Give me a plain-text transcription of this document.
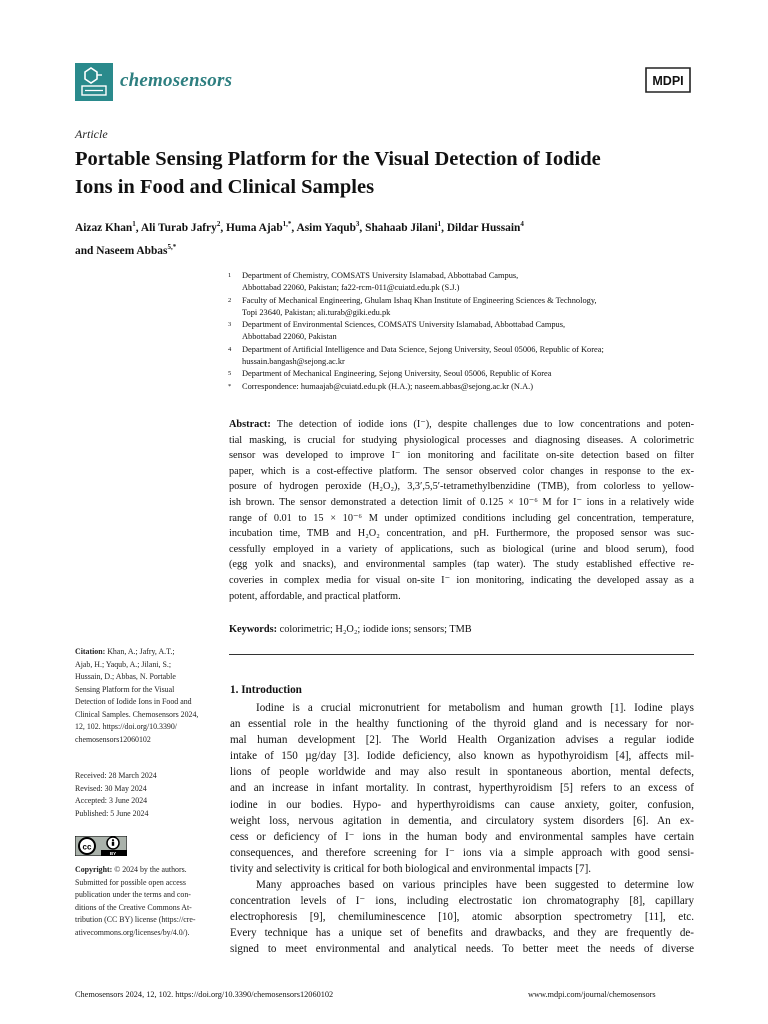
chemosensors	MDPI
Article
Portable Sensing Platform for the Visual Detection of Iodide
Ions in Food and Clinical Samples
Aizaz Khan$^1$, Ali Turab Jafry$^2$, Huma Ajab$^{1,*}$, Asim Yaqub$^3$, Shahaab Jilani$^1$, Dildar Hussain$^4$
and Naseem Abbas$^{5,*}$
1 Department of Chemistry, COMSATS University Islamabad, Abbottabad Campus,
Abbottabad 22060, Pakistan; fa22-rcm-011@cuiatd.edu.pk (S.J.)
2 Faculty of Mechanical Engineering, Ghulam Ishaq Khan Institute of Engineering Sciences & Technology,
Topi 23640, Pakistan; ali.turab@giki.edu.pk
3 Department of Environmental Sciences, COMSATS University Islamabad, Abbottabad Campus,
Abbottabad 22060, Pakistan
4 Department of Artificial Intelligence and Data Science, Sejong University, Seoul 05006, Republic of Korea;
hussain.bangash@sejong.ac.kr
5 Department of Mechanical Engineering, Sejong University, Seoul 05006, Republic of Korea
* Correspondence: humaajab@cuiatd.edu.pk (H.A.); naseem.abbas@sejong.ac.kr (N.A.)
Abstract: The detection of iodide ions (I⁻), despite challenges due to low concentrations and poten-
tial masking, is crucial for studying physiological processes and diagnosing diseases. A colorimetric
sensor was developed to improve I⁻ ion monitoring and facilitate on-site detection based on filter
paper, which is a cost-effective platform. The sensor observed color changes in response to the ex-
posure of hydrogen peroxide (H₂O₂), 3,3′,5,5′-tetramethylbenzidine (TMB), from colorless to yellow-
ish brown. The sensor demonstrated a detection limit of 0.125 × 10⁻⁶ M for I⁻ ions in a relatively wide
range of 0.01 to 15 × 10⁻⁶ M under optimized conditions including gel concentration, temperature,
incubation time, TMB and H₂O₂ concentration, and pH. Furthermore, the proposed sensor was suc-
cessfully employed in a variety of applications, such as biological (urine and blood serum), food
(egg yolk and snacks), and environmental samples (tap water). The study established effective re-
coveries in complex media for visual on-site I⁻ ion monitoring, indicating the developed assay as a
potent, affordable, and practical platform.
Keywords: colorimetric; H₂O₂; iodide ions; sensors; TMB
Citation: Khan, A.; Jafry, A.T.;
Ajab, H.; Yaqub, A.; Jilani, S.;
Hussain, D.; Abbas, N. Portable
Sensing Platform for the Visual
Detection of Iodide Ions in Food and
Clinical Samples. Chemosensors 2024,
12, 102. https://doi.org/10.3390/
chemosensors12060102
Received: 28 March 2024
Revised: 30 May 2024
Accepted: 3 June 2024
Published: 5 June 2024
cc
BY
Copyright: © 2024 by the authors.
Submitted for possible open access
publication under the terms and con-
ditions of the Creative Commons At-
tribution (CC BY) license (https://cre-
ativecommons.org/licenses/by/4.0/).
1. Introduction
Iodine is a crucial micronutrient for metabolism and human growth [1]. Iodine plays
an essential role in the healthy functioning of the thyroid gland and is necessary for nor-
mal human development [2]. The World Health Organization advises a regular iodide
intake of 150 µg/day [3]. Iodide deficiency, also known as hypothyroidism [4], affects mil-
lions of people worldwide and may also result in spontaneous abortion, mental defects,
and an increase in infant mortality. In contrast, hyperthyroidism [5] refers to an excess of
iodine in our bodies. Hypo- and hyperthyroidisms can cause anxiety, goiter, confusion,
weight loss, nervous agitation in dementia, and circulatory system disorders [6]. An ex-
cess or deficiency of I⁻ ions in the human body and environmental samples have certain
consequences, and therefore screening for I⁻ ions via a simple approach with good sensi-
tivity and selectivity is critical for both biological and environmental impacts [7].
Many approaches based on various principles have been suggested to determine low
concentration levels of I⁻ ions, including electrostatic ion chromatography [8], capillary
electrophoresis [9], chemiluminescence [10], atomic absorption spectrometry [11], etc.
Every technique has a unique set of benefits and drawbacks, and they are frequently de-
signed to meet environmental and analytical needs. To better meet the needs of diverse
Chemosensors 2024, 12, 102. https://doi.org/10.3390/chemosensors12060102	www.mdpi.com/journal/chemosensors
